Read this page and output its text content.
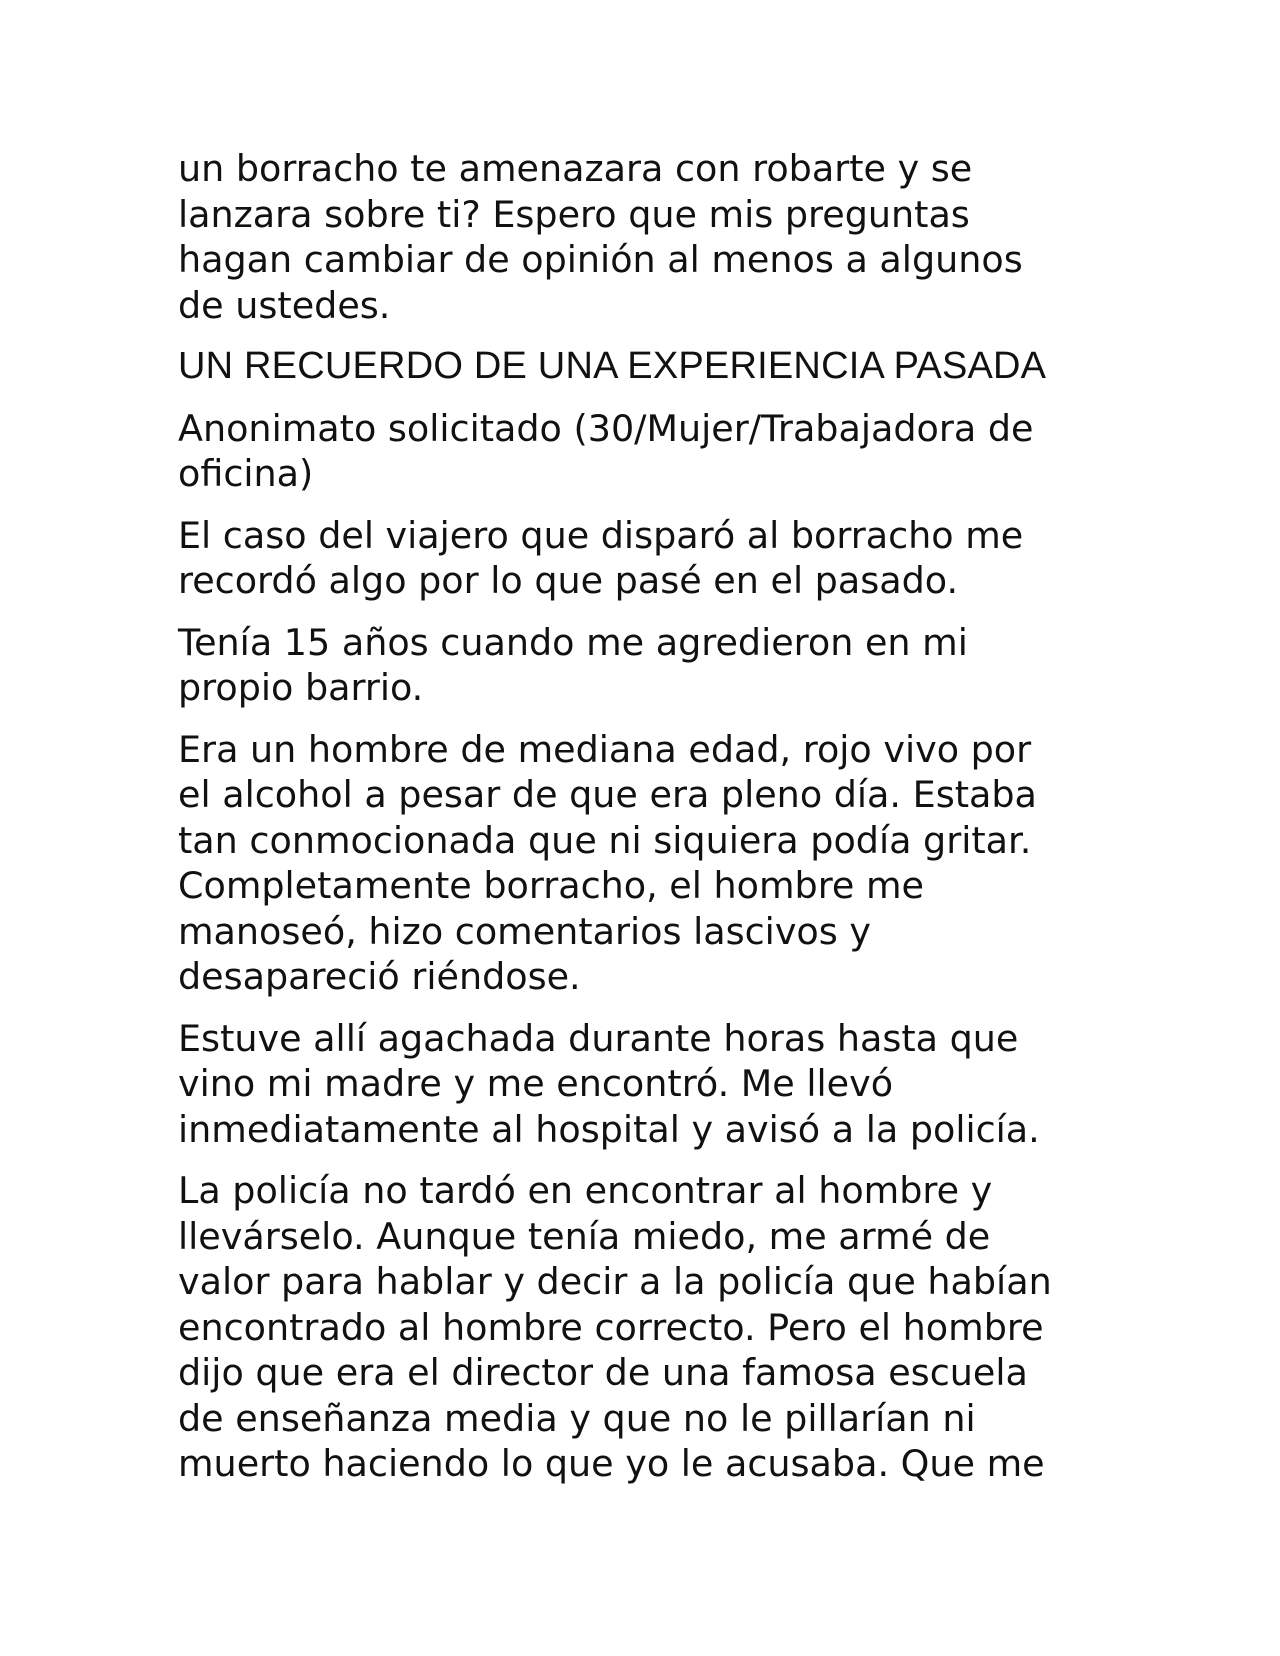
un borracho te amenazara con robarte y se
lanzara sobre ti? Espero que mis preguntas
hagan cambiar de opinión al menos a algunos
de ustedes.

UN RECUERDO DE UNA EXPERIENCIA PASADA

Anonimato solicitado (30/Mujer/Trabajadora de
oficina)

El caso del viajero que disparó al borracho me
recordó algo por lo que pasé en el pasado.

Tenía 15 años cuando me agredieron en mi
propio barrio.

Era un hombre de mediana edad, rojo vivo por
el alcohol a pesar de que era pleno día. Estaba
tan conmocionada que ni siquiera podía gritar.
Completamente borracho, el hombre me
manoseó, hizo comentarios lascivos y
desapareció riéndose.

Estuve allí agachada durante horas hasta que
vino mi madre y me encontró. Me llevó
inmediatamente al hospital y avisó a la policía.

La policía no tardó en encontrar al hombre y
llevárselo. Aunque tenía miedo, me armé de
valor para hablar y decir a la policía que habían
encontrado al hombre correcto. Pero el hombre
dijo que era el director de una famosa escuela
de enseñanza media y que no le pillarían ni
muerto haciendo lo que yo le acusaba. Que me
